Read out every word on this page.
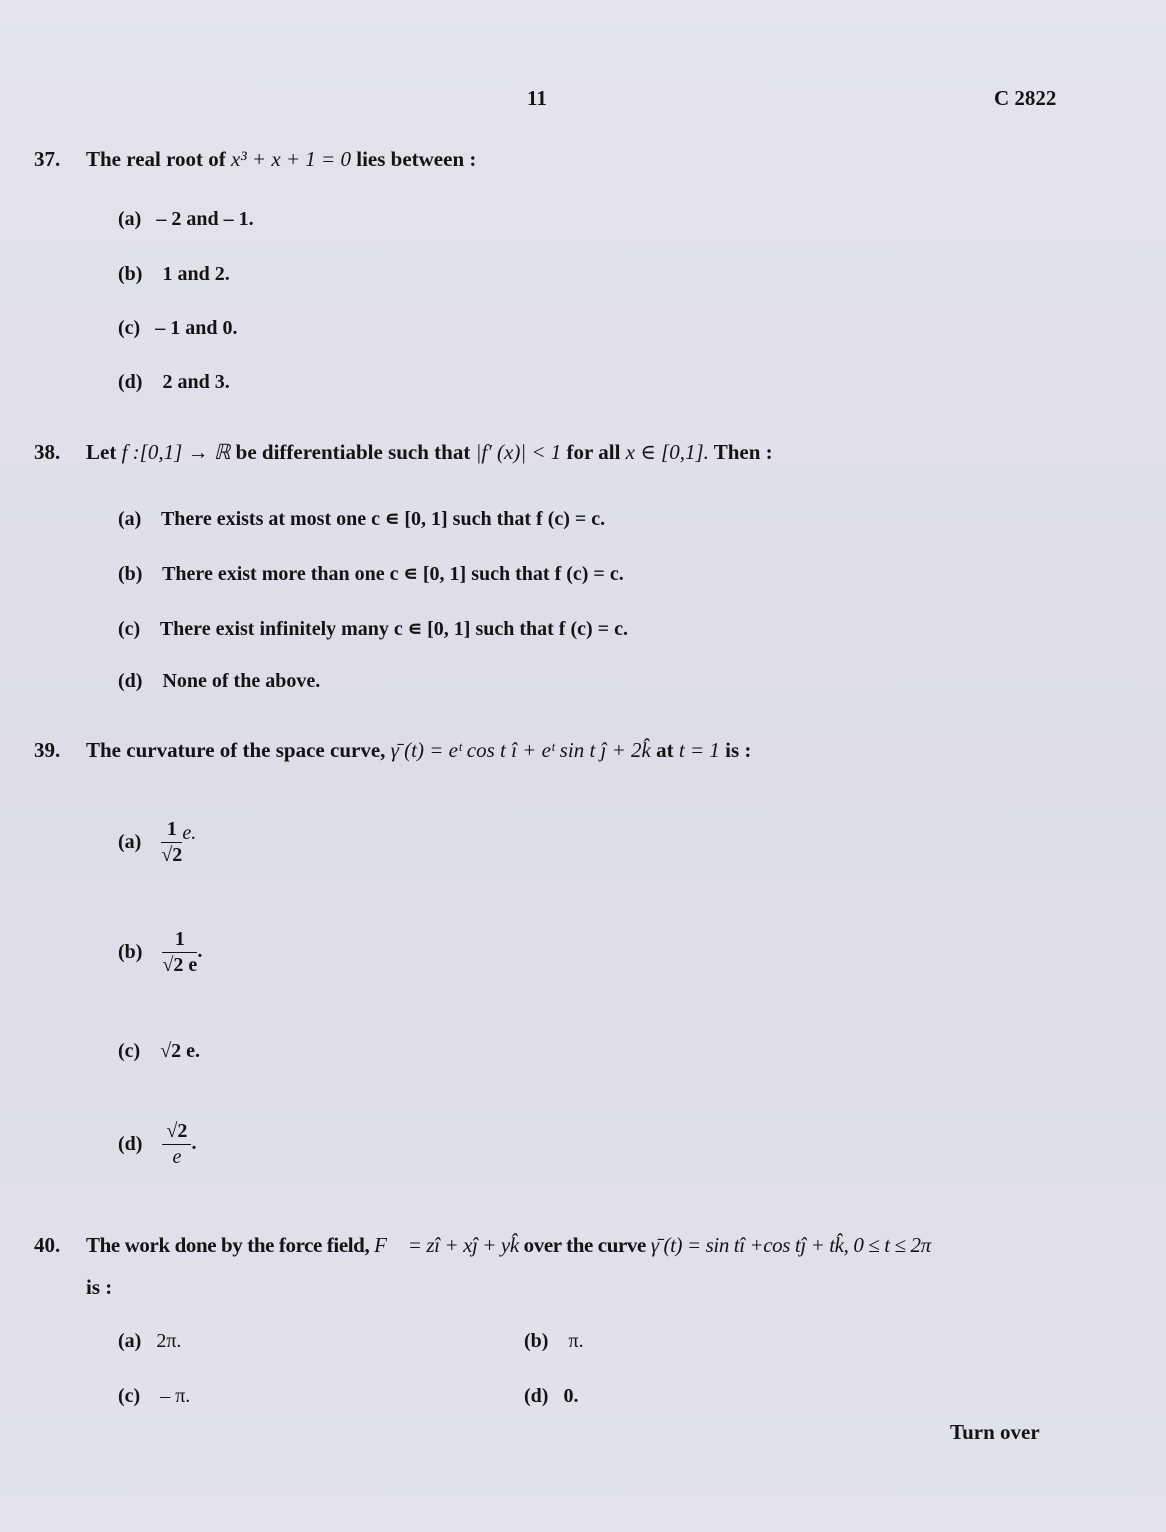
11	C 2822
37. The real root of x³ + x + 1 = 0 lies between :
(a) – 2 and – 1.
(b) 1 and 2.
(c) – 1 and 0.
(d) 2 and 3.
38. Let f :[0,1] → ℝ be differentiable such that |f′ (x)| < 1 for all x ∈ [0,1]. Then :
(a) There exists at most one c ∊ [0, 1] such that f (c) = c.
(b) There exist more than one c ∊ [0, 1] such that f (c) = c.
(c) There exist infinitely many c ∊ [0, 1] such that f (c) = c.
(d) None of the above.
39. The curvature of the space curve, γ̄ (t) = eᵗ cos t î + eᵗ sin t ĵ + 2k̂ at t = 1 is :
$(a) \frac{1}{√2} e$.
$(b) \frac{1}{√2 e}$ .
(c) √2 e.
$(d) \frac{√2}{e}$ .
40. The work done by the force field, F⃗ = zî + xĵ + yk̂ over the curve γ̄ (t) = sin tî +cos tĵ + tk̂, 0 ≤ t ≤ 2π
is :
(a) 2π.	(b) π.
(c) – π.	(d) 0.
Turn over
